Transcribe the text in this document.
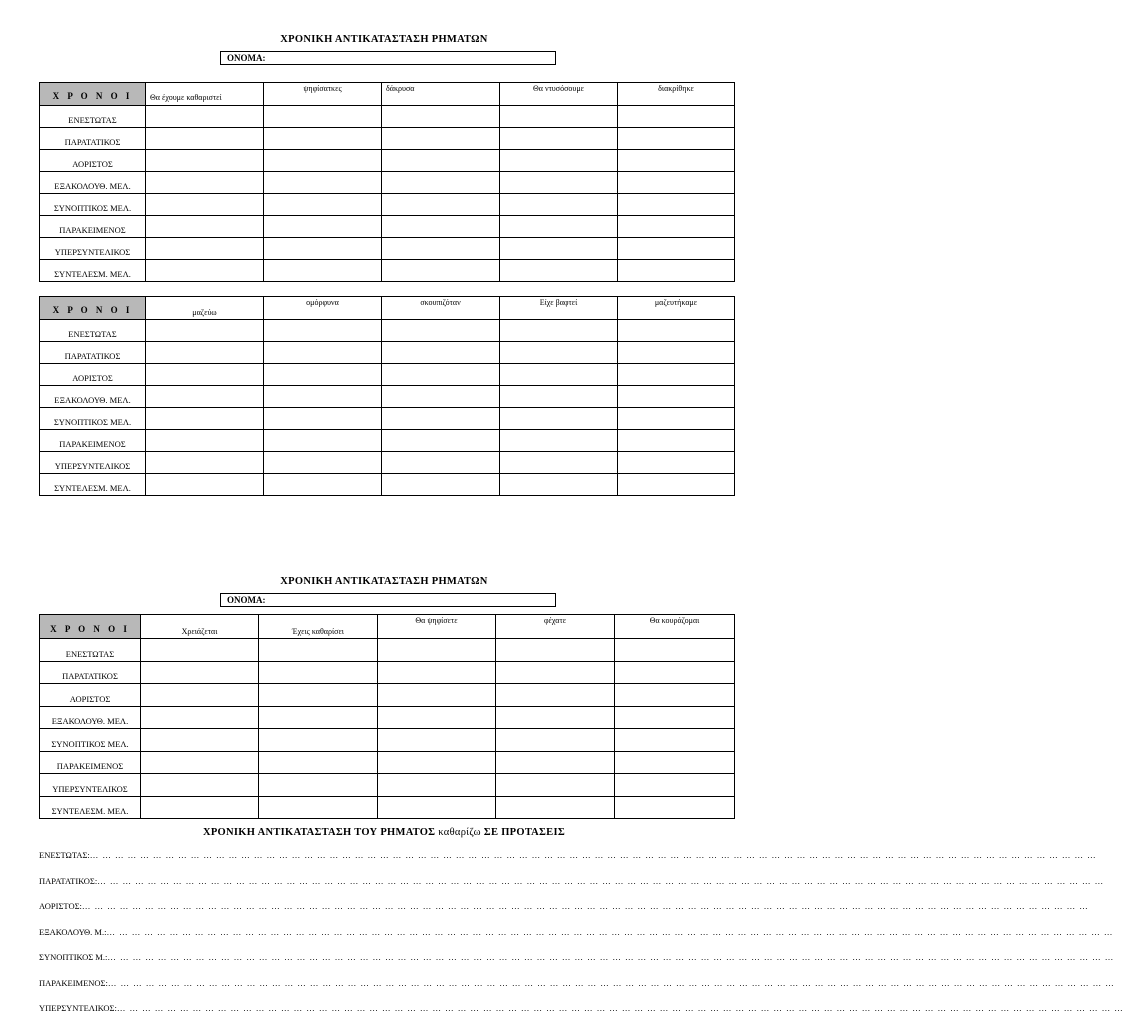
ΧΡΟΝΙΚΗ ΑΝΤΙΚΑΤΑΣΤΑΣΗ ΡΗΜΑΤΩΝ
ΟΝΟΜΑ:
Χ Ρ Ο Ν Ο Ι	Θα έχουμε καθαριστεί	ψηφίσατκες	δάκρυσα	Θα ντυσόσουμε	διακρίθηκε
ΕΝΕΣΤΩΤΑΣ					
ΠΑΡΑΤΑΤΙΚΟΣ					
ΑΟΡΙΣΤΟΣ					
ΕΞΑΚΟΛΟΥΘ. ΜΕΛ.					
ΣΥΝΟΠΤΙΚΟΣ ΜΕΛ.					
ΠΑΡΑΚΕΙΜΕΝΟΣ					
ΥΠΕΡΣΥΝΤΕΛΙΚΟΣ					
ΣΥΝΤΕΛΕΣΜ. ΜΕΛ.					
Χ Ρ Ο Ν Ο Ι	μαζεύω	ομόρφυνα	σκουπιζόταν	Είχε βαφτεί	μαζευτήκαμε
ΕΝΕΣΤΩΤΑΣ					
ΠΑΡΑΤΑΤΙΚΟΣ					
ΑΟΡΙΣΤΟΣ					
ΕΞΑΚΟΛΟΥΘ. ΜΕΛ.					
ΣΥΝΟΠΤΙΚΟΣ ΜΕΛ.					
ΠΑΡΑΚΕΙΜΕΝΟΣ					
ΥΠΕΡΣΥΝΤΕΛΙΚΟΣ					
ΣΥΝΤΕΛΕΣΜ. ΜΕΛ.					
ΧΡΟΝΙΚΗ ΑΝΤΙΚΑΤΑΣΤΑΣΗ ΡΗΜΑΤΩΝ
ΟΝΟΜΑ:
Χ Ρ Ο Ν Ο Ι	Χρειάζεται	Έχεις καθαρίσει	Θα ψηφίσετε	φέχατε	Θα κουράζομαι
ΕΝΕΣΤΩΤΑΣ					
ΠΑΡΑΤΑΤΙΚΟΣ					
ΑΟΡΙΣΤΟΣ					
ΕΞΑΚΟΛΟΥΘ. ΜΕΛ.					
ΣΥΝΟΠΤΙΚΟΣ ΜΕΛ.					
ΠΑΡΑΚΕΙΜΕΝΟΣ					
ΥΠΕΡΣΥΝΤΕΛΙΚΟΣ					
ΣΥΝΤΕΛΕΣΜ. ΜΕΛ.					
ΧΡΟΝΙΚΗ ΑΝΤΙΚΑΤΑΣΤΑΣΗ ΤΟΥ ΡΗΜΑΤΟΣ καθαρίζω ΣΕ ΠΡΟΤΑΣΕΙΣ
ΕΝΕΣΤΩΤΑΣ:… … … … … … … … … … … … … … … … … … … … … … … … … … … … … … … … … … … … … … … … … … … … … … … … … … … … … … … … … … … … … … … … … … … … … … … … … … … … … … … …
ΠΑΡΑΤΑΤΙΚΟΣ:… … … … … … … … … … … … … … … … … … … … … … … … … … … … … … … … … … … … … … … … … … … … … … … … … … … … … … … … … … … … … … … … … … … … … … … … … … … … … … … …
ΑΟΡΙΣΤΟΣ:… … … … … … … … … … … … … … … … … … … … … … … … … … … … … … … … … … … … … … … … … … … … … … … … … … … … … … … … … … … … … … … … … … … … … … … … … … … … … … … …
ΕΞΑΚΟΛΟΥΘ. Μ.:… … … … … … … … … … … … … … … … … … … … … … … … … … … … … … … … … … … … … … … … … … … … … … … … … … … … … … … … … … … … … … … … … … … … … … … … … … … … … … … …
ΣΥΝΟΠΤΙΚΟΣ Μ.:… … … … … … … … … … … … … … … … … … … … … … … … … … … … … … … … … … … … … … … … … … … … … … … … … … … … … … … … … … … … … … … … … … … … … … … … … … … … … … … …
ΠΑΡΑΚΕΙΜΕΝΟΣ:… … … … … … … … … … … … … … … … … … … … … … … … … … … … … … … … … … … … … … … … … … … … … … … … … … … … … … … … … … … … … … … … … … … … … … … … … … … … … … … …
ΥΠΕΡΣΥΝΤΕΛΙΚΟΣ:… … … … … … … … … … … … … … … … … … … … … … … … … … … … … … … … … … … … … … … … … … … … … … … … … … … … … … … … … … … … … … … … … … … … … … … … … … … … … … … …
